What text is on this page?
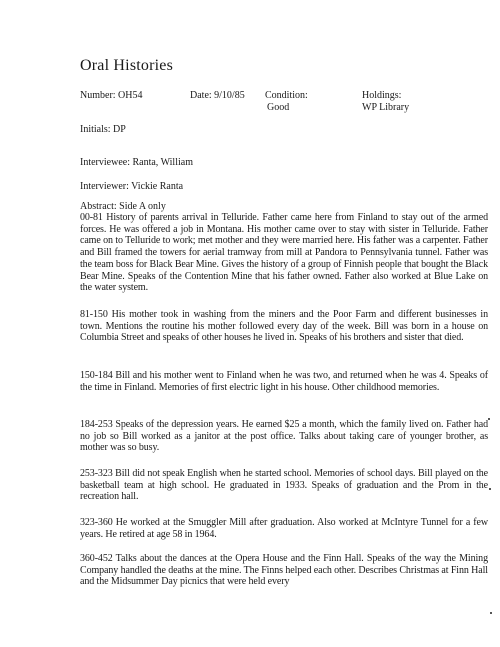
Oral Histories
Number: OH54	Date: 9/10/85 Condition:
Good
Holdings:
WP Library
Initials: DP
Interviewee: Ranta, William
Interviewer: Vickie Ranta
Abstract: Side A only
00-81 History of parents arrival in Telluride. Father came here from Finland to stay out of the armed forces. He was offered a job in Montana. His mother came over to stay with sister in Telluride. Father came on to Telluride to work; met mother and they were married here. His father was a carpenter. Father and Bill framed the towers for aerial tramway from mill at Pandora to Pennsylvania tunnel. Father was the team boss for Black Bear Mine. Gives the history of a group of Finnish people that bought the Black Bear Mine. Speaks of the Contention Mine that his father owned. Father also worked at Blue Lake on the water system.
81-150 His mother took in washing from the miners and the Poor Farm and different businesses in town. Mentions the routine his mother followed every day of the week. Bill was born in a house on Columbia Street and speaks of other houses he lived in. Speaks of his brothers and sister that died.
150-184 Bill and his mother went to Finland when he was two, and returned when he was 4. Speaks of the time in Finland. Memories of first electric light in his house. Other childhood memories.
184-253 Speaks of the depression years. He earned $25 a month, which the family lived on. Father had no job so Bill worked as a janitor at the post office. Talks about taking care of younger brother, as mother was so busy.
253-323 Bill did not speak English when he started school. Memories of school days. Bill played on the basketball team at high school. He graduated in 1933. Speaks of graduation and the Prom in the recreation hall.
323-360 He worked at the Smuggler Mill after graduation. Also worked at McIntyre Tunnel for a few years. He retired at age 58 in 1964.
360-452 Talks about the dances at the Opera House and the Finn Hall. Speaks of the way the Mining Company handled the deaths at the mine. The Finns helped each other. Describes Christmas at Finn Hall and the Midsummer Day picnics that were held every
